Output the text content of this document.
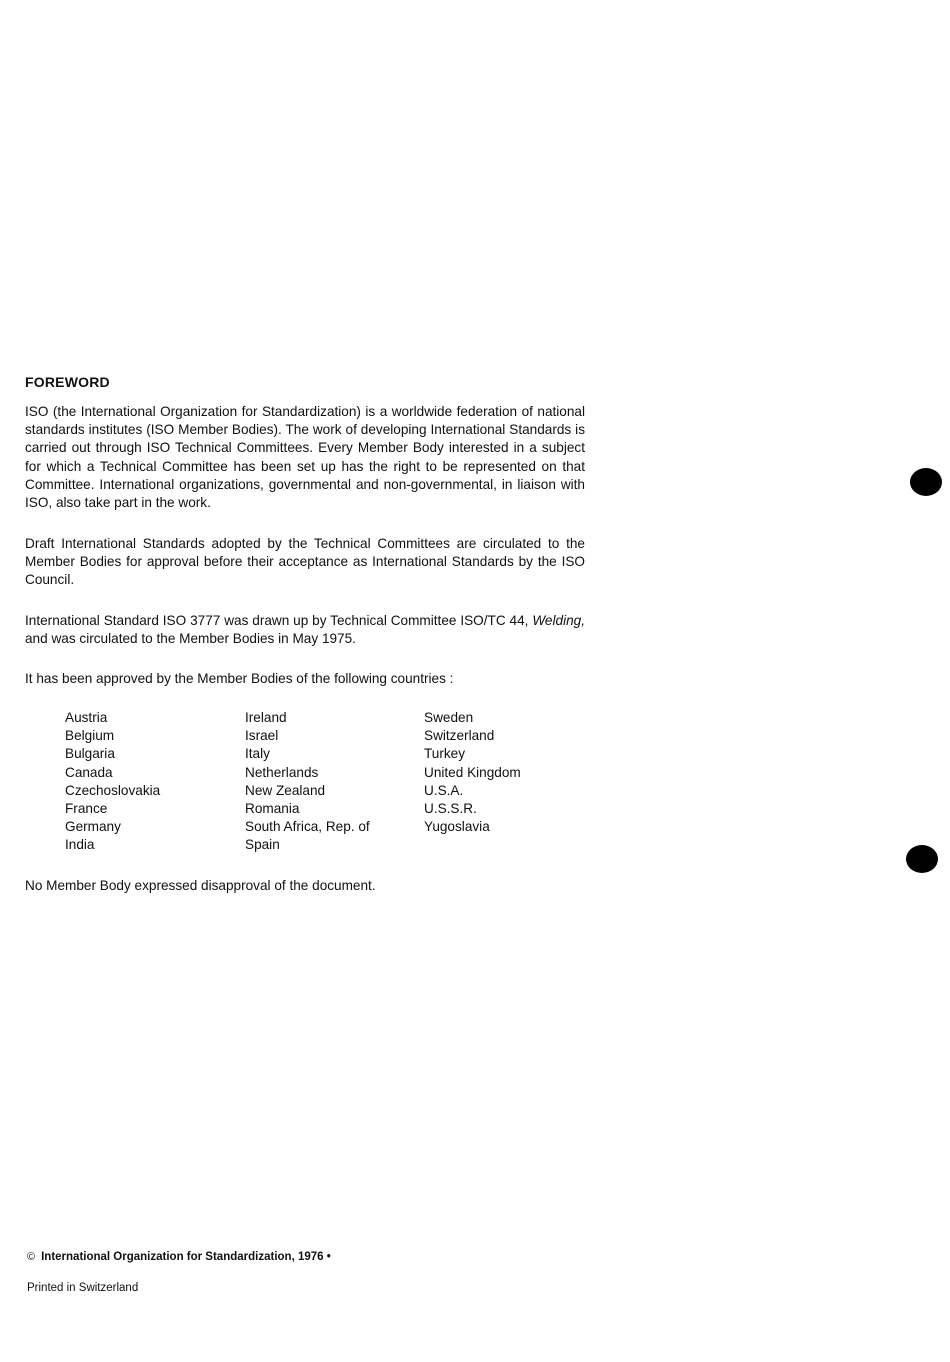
FOREWORD

ISO (the International Organization for Standardization) is a worldwide federation of national standards institutes (ISO Member Bodies). The work of developing International Standards is carried out through ISO Technical Committees. Every Member Body interested in a subject for which a Technical Committee has been set up has the right to be represented on that Committee. International organizations, governmental and non-governmental, in liaison with ISO, also take part in the work.

Draft International Standards adopted by the Technical Committees are circulated to the Member Bodies for approval before their acceptance as International Standards by the ISO Council.

International Standard ISO 3777 was drawn up by Technical Committee ISO/TC 44, Welding, and was circulated to the Member Bodies in May 1975.

It has been approved by the Member Bodies of the following countries :

Austria
Belgium
Bulgaria
Canada
Czechoslovakia
France
Germany
India
Ireland
Israel
Italy
Netherlands
New Zealand
Romania
South Africa, Rep. of
Spain
Sweden
Switzerland
Turkey
United Kingdom
U.S.A.
U.S.S.R.
Yugoslavia

No Member Body expressed disapproval of the document.

© International Organization for Standardization, 1976 •
Printed in Switzerland
